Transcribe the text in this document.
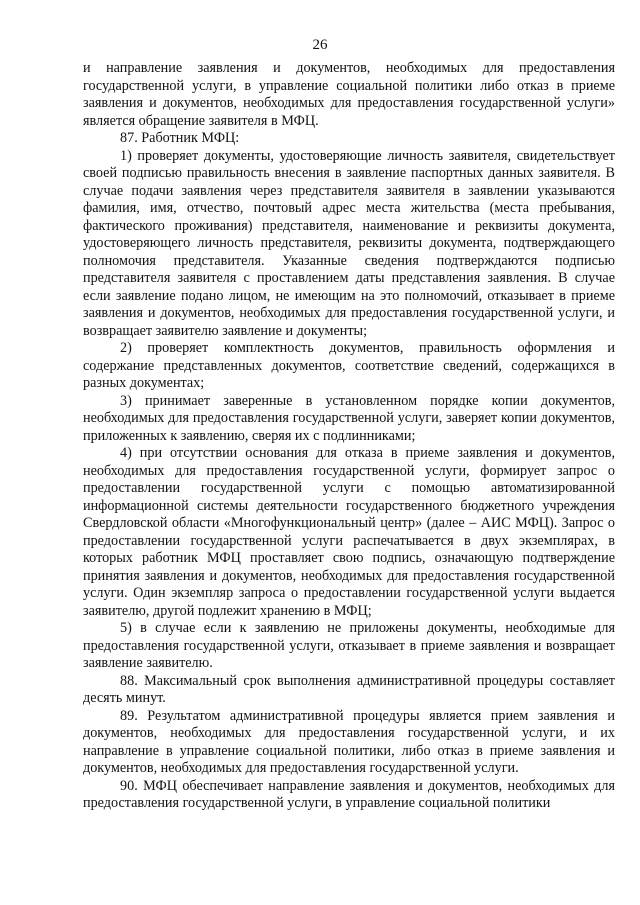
26

и направление заявления и документов, необходимых для предоставления государственной услуги, в управление социальной политики либо отказ в приеме заявления и документов, необходимых для предоставления государственной услуги» является обращение заявителя в МФЦ.

87. Работник МФЦ:

1) проверяет документы, удостоверяющие личность заявителя, свидетельствует своей подписью правильность внесения в заявление паспортных данных заявителя. В случае подачи заявления через представителя заявителя в заявлении указываются фамилия, имя, отчество, почтовый адрес места жительства (места пребывания, фактического проживания) представителя, наименование и реквизиты документа, удостоверяющего личность представителя, реквизиты документа, подтверждающего полномочия представителя. Указанные сведения подтверждаются подписью представителя заявителя с проставлением даты представления заявления. В случае если заявление подано лицом, не имеющим на это полномочий, отказывает в приеме заявления и документов, необходимых для предоставления государственной услуги, и возвращает заявителю заявление и документы;

2) проверяет комплектность документов, правильность оформления и содержание представленных документов, соответствие сведений, содержащихся в разных документах;

3) принимает заверенные в установленном порядке копии документов, необходимых для предоставления государственной услуги, заверяет копии документов, приложенных к заявлению, сверяя их с подлинниками;

4) при отсутствии основания для отказа в приеме заявления и документов, необходимых для предоставления государственной услуги, формирует запрос о предоставлении государственной услуги с помощью автоматизированной информационной системы деятельности государственного бюджетного учреждения Свердловской области «Многофункциональный центр» (далее – АИС МФЦ). Запрос о предоставлении государственной услуги распечатывается в двух экземплярах, в которых работник МФЦ проставляет свою подпись, означающую подтверждение принятия заявления и документов, необходимых для предоставления государственной услуги. Один экземпляр запроса о предоставлении государственной услуги выдается заявителю, другой подлежит хранению в МФЦ;

5) в случае если к заявлению не приложены документы, необходимые для предоставления государственной услуги, отказывает в приеме заявления и возвращает заявление заявителю.

88. Максимальный срок выполнения административной процедуры составляет десять минут.

89. Результатом административной процедуры является прием заявления и документов, необходимых для предоставления государственной услуги, и их направление в управление социальной политики, либо отказ в приеме заявления и документов, необходимых для предоставления государственной услуги.

90. МФЦ обеспечивает направление заявления и документов, необходимых для предоставления государственной услуги, в управление социальной политики
